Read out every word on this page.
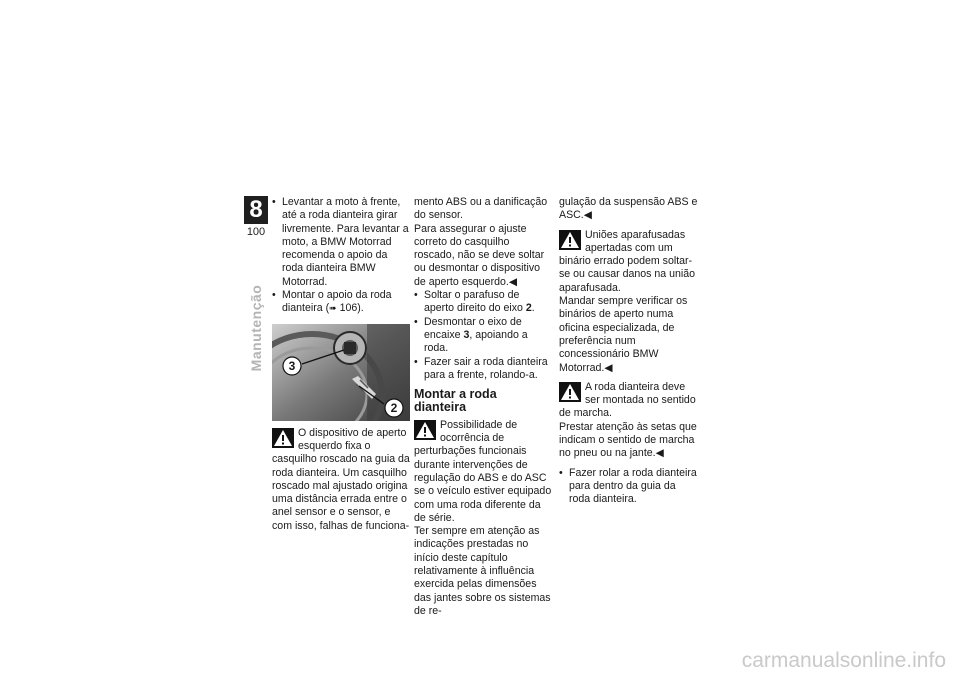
8
100
Manutenção
• Levantar a moto à frente, até a roda dianteira girar livremente. Para levantar a moto, a BMW Motorrad recomenda o apoio da roda dianteira BMW Motorrad.
• Montar o apoio da roda dianteira (➠ 106).
3
2

O dispositivo de aperto esquerdo fixa o casquilho roscado na guia da roda dianteira. Um casquilho roscado mal ajustado origina uma distância errada entre o anel sensor e o sensor, e com isso, falhas de funciona-

mento ABS ou a danificação do sensor.

Para assegurar o ajuste correto do casquilho roscado, não se deve soltar ou desmontar o dispositivo de aperto esquerdo.◀

• Soltar o parafuso de aperto direito do eixo 2.
• Desmontar o eixo de encaixe 3, apoiando a roda.
• Fazer sair a roda dianteira para a frente, rolando-a.
Montar a roda dianteira

Possibilidade de ocorrência de perturbações funcionais durante intervenções de regulação do ABS e do ASC se o veículo estiver equipado com uma roda diferente da de série.

Ter sempre em atenção as indicações prestadas no início deste capítulo relativamente à influência exercida pelas dimensões das jantes sobre os sistemas de re-

gulação da suspensão ABS e ASC.◀

Uniões aparafusadas apertadas com um binário errado podem soltar-se ou causar danos na união aparafusada.

Mandar sempre verificar os binários de aperto numa oficina especializada, de preferência num concessionário BMW Motorrad.◀

A roda dianteira deve ser montada no sentido de marcha.

Prestar atenção às setas que indicam o sentido de marcha no pneu ou na jante.◀

• Fazer rolar a roda dianteira para dentro da guia da roda dianteira.
carmanualsonline.info
